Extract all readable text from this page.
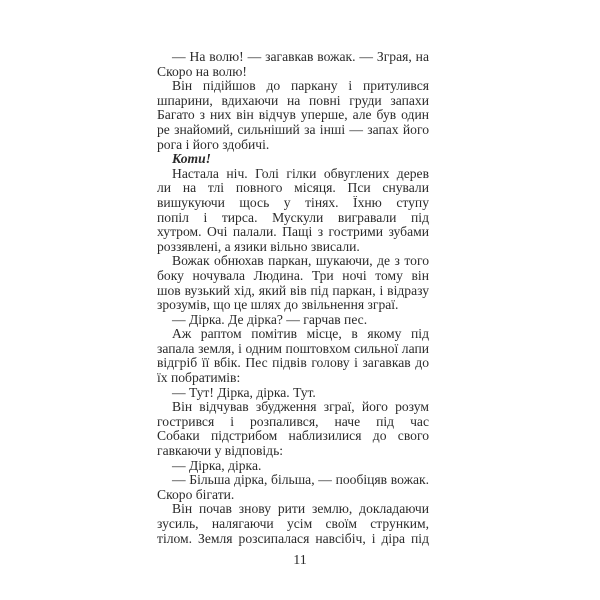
— На волю! — загавкав вожак. — Зграя, на
Скоро на волю!
Він підійшов до паркану і притулився
шпарини, вдихаючи на повні груди запахи
Багато з них він відчув уперше, але був один
ре знайомий, сильніший за інші — запах його
рога і його здобичі.
Коти!
Настала ніч. Голі гілки обвуглених дерев
ли на тлі повного місяця. Пси снували
вишукуючи щось у тінях. Їхню ступу
попіл і тирса. Мускули вигравали під
хутром. Очі палали. Пащі з гострими зубами
роззявлені, а язики вільно звисали.
Вожак обнюхав паркан, шукаючи, де з того
боку ночувала Людина. Три ночі тому він
шов вузький хід, який вів під паркан, і відразу
зрозумів, що це шлях до звільнення зграї.
— Дірка. Де дірка? — гарчав пес.
Аж раптом помітив місце, в якому під
запала земля, і одним поштовхом сильної лапи
відгріб її вбік. Пес підвів голову і загавкав до
їх побратимів:
— Тут! Дірка, дірка. Тут.
Він відчував збудження зграї, його розум
гострився і розпалився, наче під час
Собаки підстрибом наблизилися до свого
гавкаючи у відповідь:
— Дірка, дірка.
— Більша дірка, більша, — пообіцяв вожак.
Скоро бігати.
Він почав знову рити землю, докладаючи
зусиль, налягаючи усім своїм струнким,
тілом. Земля розсипалася навсібіч, і діра під
11
